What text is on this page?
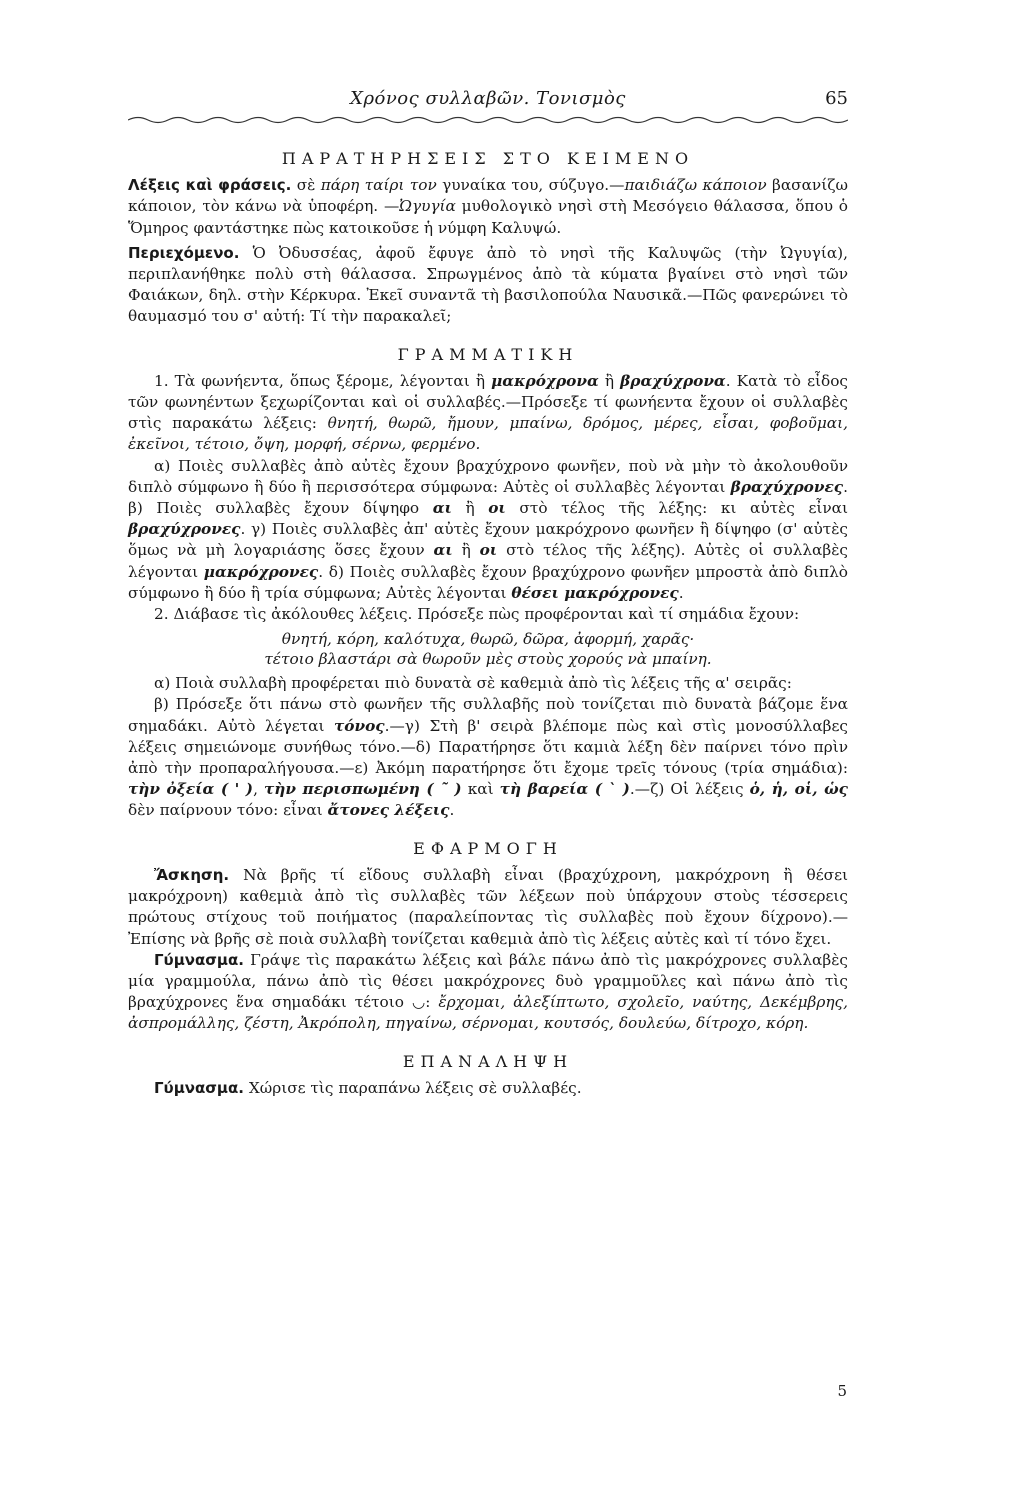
Χρόνος συλλαβῶν. Τονισμὸς	65
ΠΑΡΑΤΗΡΗΣΕΙΣ ΣΤΟ ΚΕΙΜΕΝΟ

Λέξεις καὶ φράσεις. σὲ πάρη ταίρι τον γυναίκα του, σύζυγο.—παιδιάζω κάποιον βασανίζω κάποιον, τὸν κάνω νὰ ὑποφέρη. —Ὠγυγία μυθολογικὸ νησὶ στὴ Μεσόγειο θάλασσα, ὅπου ὁ Ὅμηρος φαντάστηκε πὼς κατοικοῦσε ἡ νύμφη Καλυψώ.

Περιεχόμενο. Ὁ Ὀδυσσέας, ἀφοῦ ἔφυγε ἀπὸ τὸ νησὶ τῆς Καλυψῶς (τὴν Ὠγυγία), περιπλανήθηκε πολὺ στὴ θάλασσα. Σπρωγμένος ἀπὸ τὰ κύματα βγαίνει στὸ νησὶ τῶν Φαιάκων, δηλ. στὴν Κέρκυρα. Ἐκεῖ συναντᾶ τὴ βασιλοπούλα Ναυσικᾶ.—Πῶς φανερώνει τὸ θαυμασμό του σ' αὐτή: Τί τὴν παρακαλεῖ;

ΓΡΑΜΜΑΤΙΚΗ

1. Τὰ φωνήεντα, ὅπως ξέρομε, λέγονται ἢ μακρόχρονα ἢ βραχύχρονα. Κατὰ τὸ εἶδος τῶν φωνηέντων ξεχωρίζονται καὶ οἱ συλλαβές.—Πρόσεξε τί φωνήεντα ἔχουν οἱ συλλαβὲς στὶς παρακάτω λέξεις: θνητή, θωρῶ, ἤμουν, μπαίνω, δρόμος, μέρες, εἶσαι, φοβοῦμαι, ἐκεῖνοι, τέτοιο, ὄψη, μορφή, σέρνω, φερμένο.

α) Ποιὲς συλλαβὲς ἀπὸ αὐτὲς ἔχουν βραχύχρονο φωνῆεν, ποὺ νὰ μὴν τὸ ἀκολουθοῦν διπλὸ σύμφωνο ἢ δύο ἢ περισσότερα σύμφωνα: Αὐτὲς οἱ συλλαβὲς λέγονται βραχύχρονες. β) Ποιὲς συλλαβὲς ἔχουν δίψηφο αι ἢ οι στὸ τέλος τῆς λέξης: κι αὐτὲς εἶναι βραχύχρονες. γ) Ποιὲς συλλαβὲς ἀπ' αὐτὲς ἔχουν μακρόχρονο φωνῆεν ἢ δίψηφο (σ' αὐτὲς ὅμως νὰ μὴ λογαριάσης ὅσες ἔχουν αι ἢ οι στὸ τέλος τῆς λέξης). Αὐτὲς οἱ συλλαβὲς λέγονται μακρόχρονες. δ) Ποιὲς συλλαβὲς ἔχουν βραχύχρονο φωνῆεν μπροστὰ ἀπὸ διπλὸ σύμφωνο ἢ δύο ἢ τρία σύμφωνα; Αὐτὲς λέγονται θέσει μακρόχρονες.

2. Διάβασε τὶς ἀκόλουθες λέξεις. Πρόσεξε πὼς προφέρονται καὶ τί σημάδια ἔχουν:

θνητή, κόρη, καλότυχα, θωρῶ, δῶρα, ἀφορμή, χαρᾶς·
τέτοιο βλαστάρι σὰ θωροῦν μὲς στοὺς χορούς νὰ μπαίνη.

α) Ποιὰ συλλαβὴ προφέρεται πιὸ δυνατὰ σὲ καθεμιὰ ἀπὸ τὶς λέξεις τῆς α' σειρᾶς:

β) Πρόσεξε ὅτι πάνω στὸ φωνῆεν τῆς συλλαβῆς ποὺ τονίζεται πιὸ δυνατὰ βάζομε ἕνα σημαδάκι. Αὐτὸ λέγεται τόνος.—γ) Στὴ β' σειρὰ βλέπομε πὼς καὶ στὶς μονοσύλλαβες λέξεις σημειώνομε συνήθως τόνο.—δ) Παρατήρησε ὅτι καμιὰ λέξη δὲν παίρνει τόνο πρὶν ἀπὸ τὴν προπαραλήγουσα.—ε) Ἀκόμη παρατήρησε ὅτι ἔχομε τρεῖς τόνους (τρία σημάδια): τὴν ὀξεία ( ' ), τὴν περισπωμένη ( ῀ ) καὶ τὴ βαρεία ( ` ).—ζ) Οἱ λέξεις ὁ, ἡ, οἱ, ὡς δὲν παίρνουν τόνο: εἶναι ἄτονες λέξεις.

ΕΦΑΡΜΟΓΗ

Ἄσκηση. Νὰ βρῆς τί εἴδους συλλαβὴ εἶναι (βραχύχρονη, μακρόχρονη ἢ θέσει μακρόχρονη) καθεμιὰ ἀπὸ τὶς συλλαβὲς τῶν λέξεων ποὺ ὑπάρχουν στοὺς τέσσερεις πρώτους στίχους τοῦ ποιήματος (παραλείποντας τὶς συλλαβὲς ποὺ ἔχουν δίχρονο).—Ἐπίσης νὰ βρῆς σὲ ποιὰ συλλαβὴ τονίζεται καθεμιὰ ἀπὸ τὶς λέξεις αὐτὲς καὶ τί τόνο ἔχει.

Γύμνασμα. Γράψε τὶς παρακάτω λέξεις καὶ βάλε πάνω ἀπὸ τὶς μακρόχρονες συλλαβὲς μία γραμμούλα, πάνω ἀπὸ τὶς θέσει μακρόχρονες δυὸ γραμμοῦλες καὶ πάνω ἀπὸ τὶς βραχύχρονες ἕνα σημαδάκι τέτοιο ◡: ἔρχομαι, ἀλεξίπτωτο, σχολεῖο, ναύτης, Δεκέμβρης, ἀσπρομάλλης, ζέστη, Ἀκρόπολη, πηγαίνω, σέρνομαι, κουτσός, δουλεύω, δίτροχο, κόρη.

ΕΠΑΝΑΛΗΨΗ

Γύμνασμα. Χώρισε τὶς παραπάνω λέξεις σὲ συλλαβές.

5
